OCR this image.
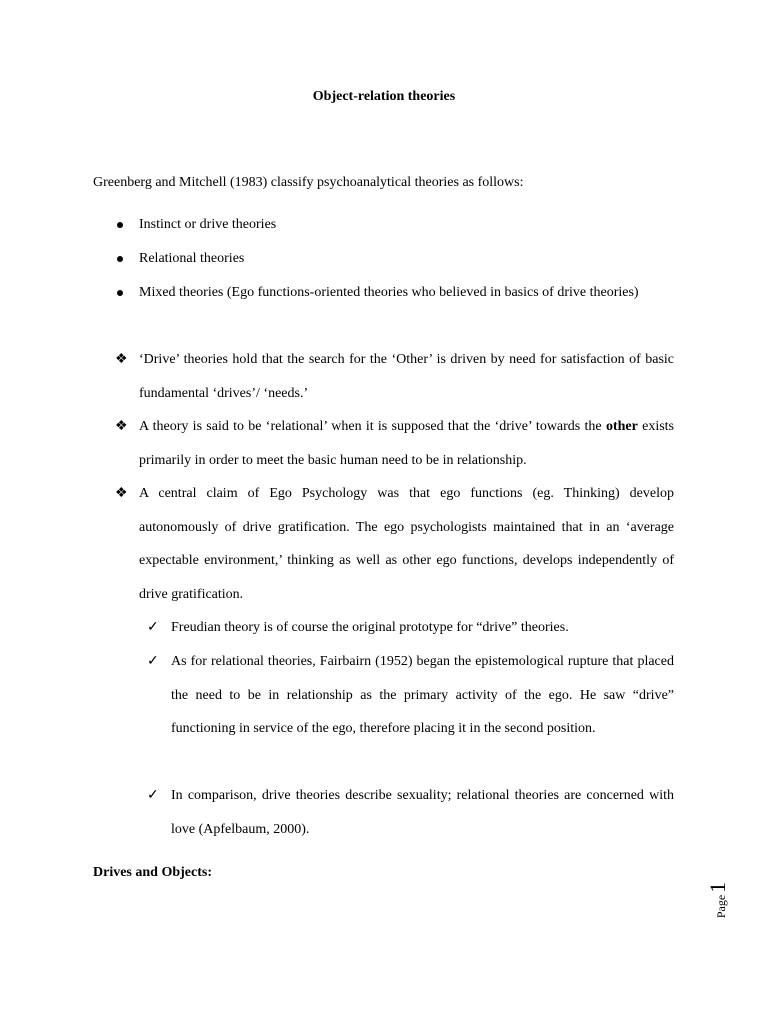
Object-relation theories

Greenberg and Mitchell (1983) classify psychoanalytical theories as follows:

Instinct or drive theories
Relational theories
Mixed theories (Ego functions-oriented theories who believed in basics of drive theories)
❖ ‘Drive’ theories hold that the search for the ‘Other’ is driven by need for satisfaction of basic fundamental ‘drives’/ ‘needs.’
❖ A theory is said to be ‘relational’ when it is supposed that the ‘drive’ towards the other exists primarily in order to meet the basic human need to be in relationship.
❖ A central claim of Ego Psychology was that ego functions (eg. Thinking) develop autonomously of drive gratification. The ego psychologists maintained that in an ‘average expectable environment,’ thinking as well as other ego functions, develops independently of drive gratification.
✓ Freudian theory is of course the original prototype for “drive” theories.
✓ As for relational theories, Fairbairn (1952) began the epistemological rupture that placed the need to be in relationship as the primary activity of the ego. He saw “drive” functioning in service of the ego, therefore placing it in the second position.
✓ In comparison, drive theories describe sexuality; relational theories are concerned with love (Apfelbaum, 2000).
Drives and Objects:
Page
1
